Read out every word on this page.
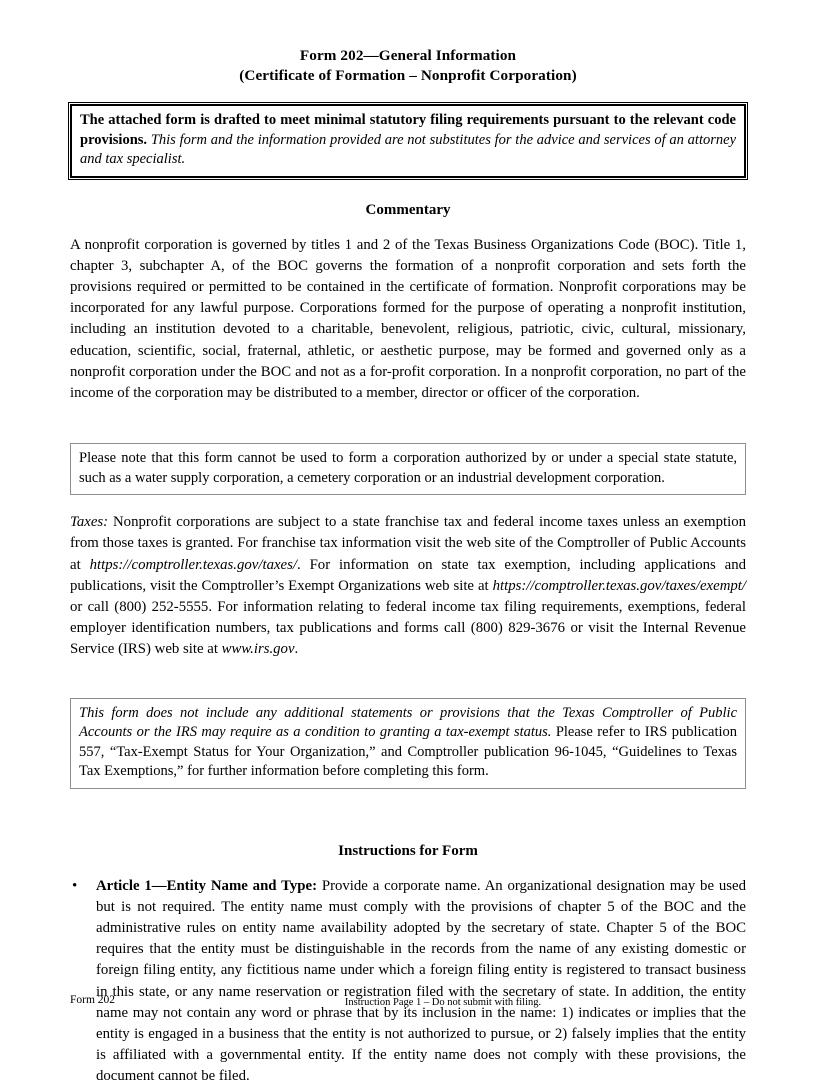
Form 202—General Information
(Certificate of Formation – Nonprofit Corporation)
The attached form is drafted to meet minimal statutory filing requirements pursuant to the relevant code provisions. This form and the information provided are not substitutes for the advice and services of an attorney and tax specialist.
Commentary

A nonprofit corporation is governed by titles 1 and 2 of the Texas Business Organizations Code (BOC). Title 1, chapter 3, subchapter A, of the BOC governs the formation of a nonprofit corporation and sets forth the provisions required or permitted to be contained in the certificate of formation. Nonprofit corporations may be incorporated for any lawful purpose. Corporations formed for the purpose of operating a nonprofit institution, including an institution devoted to a charitable, benevolent, religious, patriotic, civic, cultural, missionary, education, scientific, social, fraternal, athletic, or aesthetic purpose, may be formed and governed only as a nonprofit corporation under the BOC and not as a for-profit corporation. In a nonprofit corporation, no part of the income of the corporation may be distributed to a member, director or officer of the corporation.

Please note that this form cannot be used to form a corporation authorized by or under a special state statute, such as a water supply corporation, a cemetery corporation or an industrial development corporation.

Taxes: Nonprofit corporations are subject to a state franchise tax and federal income taxes unless an exemption from those taxes is granted. For franchise tax information visit the web site of the Comptroller of Public Accounts at https://comptroller.texas.gov/taxes/. For information on state tax exemption, including applications and publications, visit the Comptroller’s Exempt Organizations web site at https://comptroller.texas.gov/taxes/exempt/ or call (800) 252-5555. For information relating to federal income tax filing requirements, exemptions, federal employer identification numbers, tax publications and forms call (800) 829-3676 or visit the Internal Revenue Service (IRS) web site at www.irs.gov.

This form does not include any additional statements or provisions that the Texas Comptroller of Public Accounts or the IRS may require as a condition to granting a tax-exempt status. Please refer to IRS publication 557, “Tax-Exempt Status for Your Organization,” and Comptroller publication 96-1045, “Guidelines to Texas Tax Exemptions,” for further information before completing this form.
Instructions for Form
•	Article 1—Entity Name and Type: Provide a corporate name. An organizational designation may be used but is not required. The entity name must comply with the provisions of chapter 5 of the BOC and the administrative rules on entity name availability adopted by the secretary of state. Chapter 5 of the BOC requires that the entity must be distinguishable in the records from the name of any existing domestic or foreign filing entity, any fictitious name under which a foreign filing entity is registered to transact business in this state, or any name reservation or registration filed with the secretary of state. In addition, the entity name may not contain any word or phrase that by its inclusion in the name: 1) indicates or implies that the entity is engaged in a business that the entity is not authorized to pursue, or 2) falsely implies that the entity is affiliated with a governmental entity. If the entity name does not comply with these provisions, the document cannot be filed.
Form 202	Instruction Page 1 – Do not submit with filing.
